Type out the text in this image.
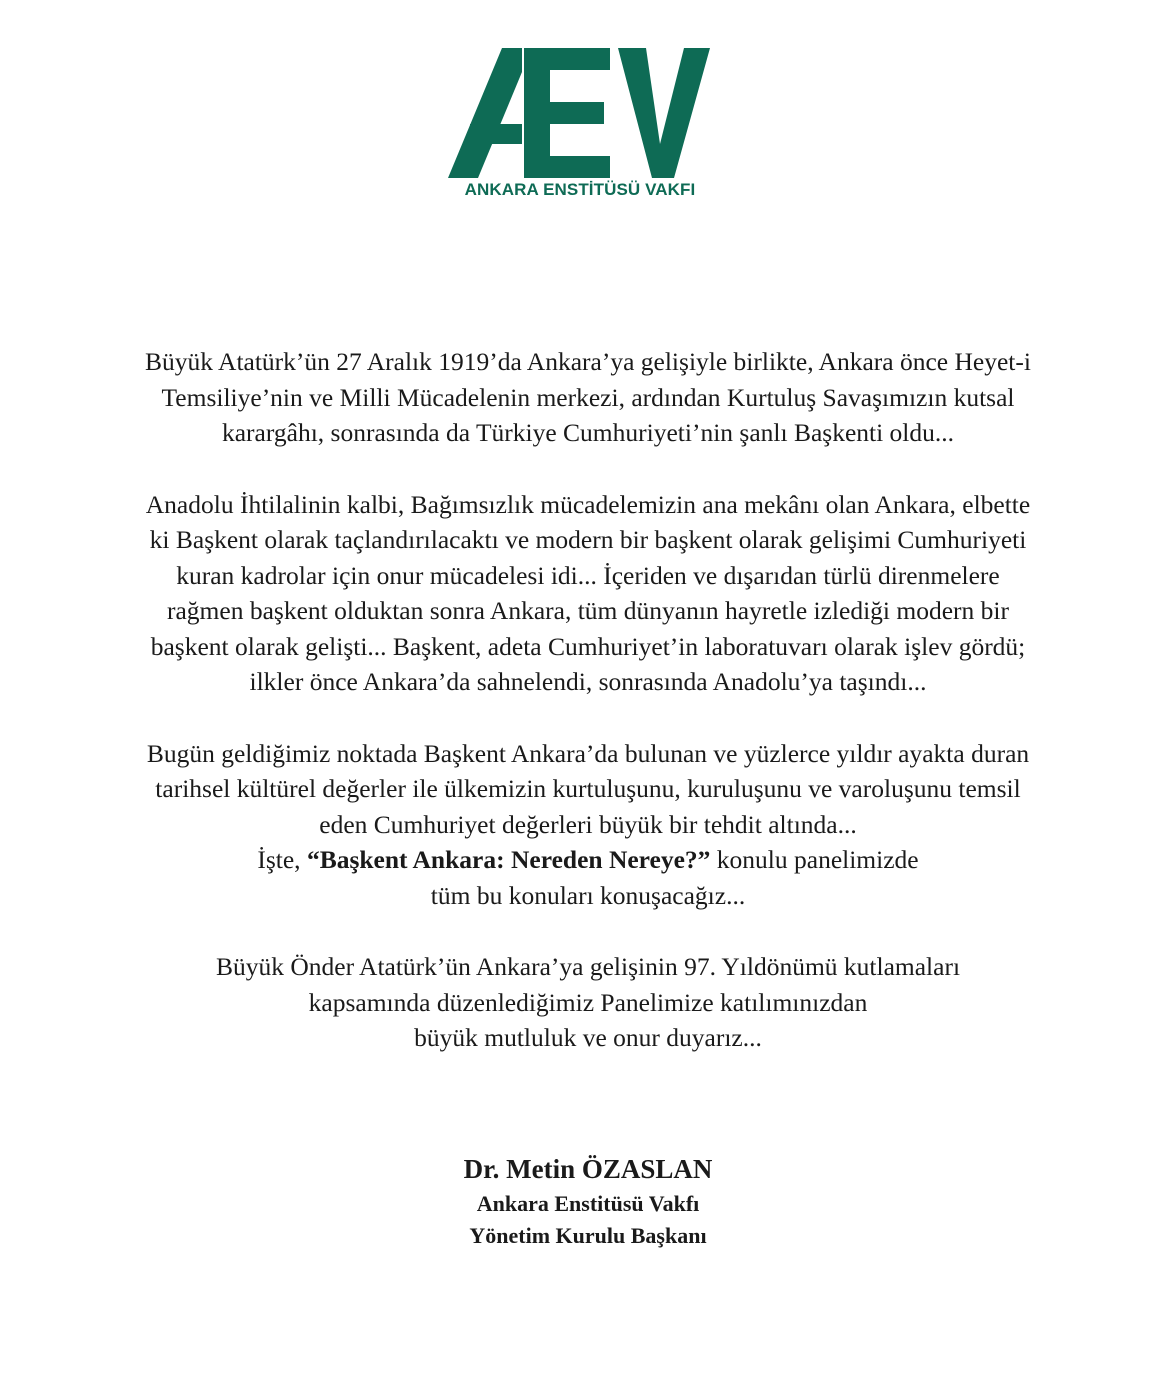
ANKARA ENSTİTÜSÜ VAKFI

Büyük Atatürk’ün 27 Aralık 1919’da Ankara’ya gelişiyle birlikte, Ankara önce Heyet-i
Temsiliye’nin ve Milli Mücadelenin merkezi, ardından Kurtuluş Savaşımızın kutsal
karargâhı, sonrasında da Türkiye Cumhuriyeti’nin şanlı Başkenti oldu...

Anadolu İhtilalinin kalbi, Bağımsızlık mücadelemizin ana mekânı olan Ankara, elbette
ki Başkent olarak taçlandırılacaktı ve modern bir başkent olarak gelişimi Cumhuriyeti
kuran kadrolar için onur mücadelesi idi... İçeriden ve dışarıdan türlü direnmelere
rağmen başkent olduktan sonra Ankara, tüm dünyanın hayretle izlediği modern bir
başkent olarak gelişti... Başkent, adeta Cumhuriyet’in laboratuvarı olarak işlev gördü;
ilkler önce Ankara’da sahnelendi, sonrasında Anadolu’ya taşındı...

Bugün geldiğimiz noktada Başkent Ankara’da bulunan ve yüzlerce yıldır ayakta duran
tarihsel kültürel değerler ile ülkemizin kurtuluşunu, kuruluşunu ve varoluşunu temsil
eden Cumhuriyet değerleri büyük bir tehdit altında...
İşte, “Başkent Ankara: Nereden Nereye?” konulu panelimizde
tüm bu konuları konuşacağız...

Büyük Önder Atatürk’ün Ankara’ya gelişinin 97. Yıldönümü kutlamaları
kapsamında düzenlediğimiz Panelimize katılımınızdan
büyük mutluluk ve onur duyarız...

Dr. Metin ÖZASLAN
Ankara Enstitüsü Vakfı
Yönetim Kurulu Başkanı
